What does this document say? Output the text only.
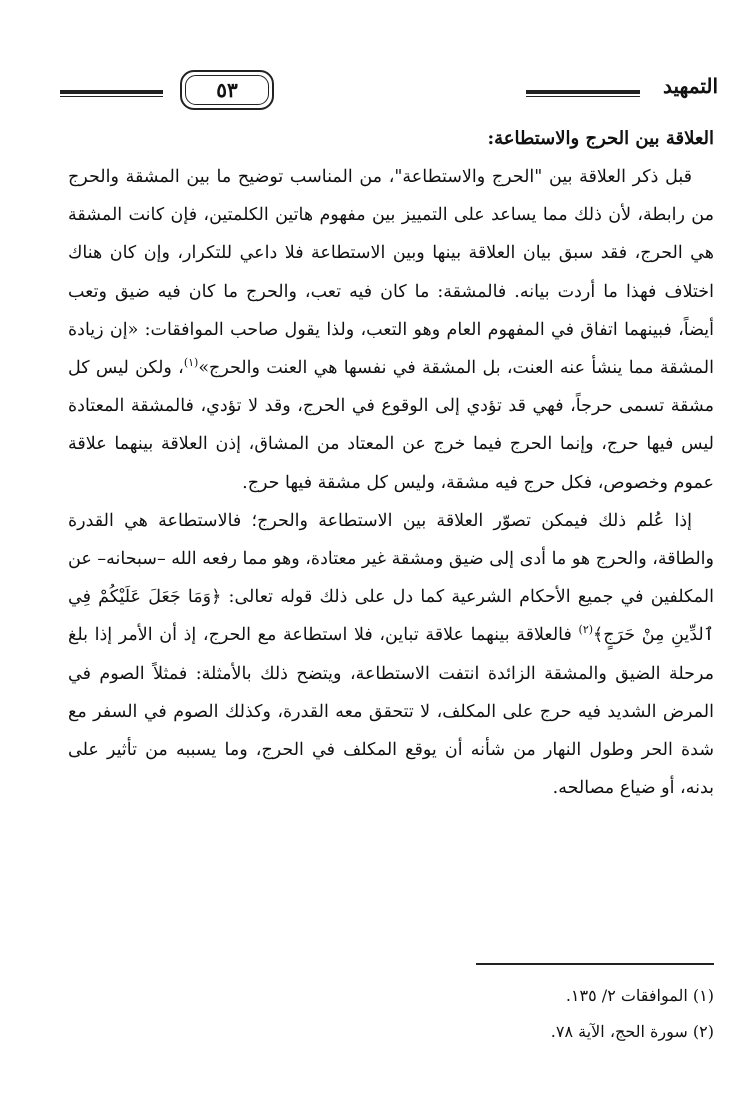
التمهيد
٥٣

العلاقة بين الحرج والاستطاعة:

قبل ذكر العلاقة بين "الحرج والاستطاعة"، من المناسب توضيح ما بين المشقة والحرج من رابطة، لأن ذلك مما يساعد على التمييز بين مفهوم هاتين الكلمتين، فإن كانت المشقة هي الحرج، فقد سبق بيان العلاقة بينها وبين الاستطاعة فلا داعي للتكرار، وإن كان هناك اختلاف فهذا ما أردت بيانه. فالمشقة: ما كان فيه تعب، والحرج ما كان فيه ضيق وتعب أيضاً، فبينهما اتفاق في المفهوم العام وهو التعب، ولذا يقول صاحب الموافقات: «إن زيادة المشقة مما ينشأ عنه العنت، بل المشقة في نفسها هي العنت والحرج»$^{(١)}$، ولكن ليس كل مشقة تسمى حرجاً، فهي قد تؤدي إلى الوقوع في الحرج، وقد لا تؤدي، فالمشقة المعتادة ليس فيها حرج، وإنما الحرج فيما خرج عن المعتاد من المشاق، إذن العلاقة بينهما علاقة عموم وخصوص، فكل حرج فيه مشقة، وليس كل مشقة فيها حرج.

إذا عُلم ذلك فيمكن تصوّر العلاقة بين الاستطاعة والحرج؛ فالاستطاعة هي القدرة والطاقة، والحرج هو ما أدى إلى ضيق ومشقة غير معتادة، وهو مما رفعه الله –سبحانه– عن المكلفين في جميع الأحكام الشرعية كما دل على ذلك قوله تعالى: ﴿وَمَا جَعَلَ عَلَيْكُمْ فِي ٱلدِّينِ مِنْ حَرَجٍ﴾$^{(٢)}$ فالعلاقة بينهما علاقة تباين، فلا استطاعة مع الحرج، إذ أن الأمر إذا بلغ مرحلة الضيق والمشقة الزائدة انتفت الاستطاعة، ويتضح ذلك بالأمثلة: فمثلاً الصوم في المرض الشديد فيه حرج على المكلف، لا تتحقق معه القدرة، وكذلك الصوم في السفر مع شدة الحر وطول النهار من شأنه أن يوقع المكلف في الحرج، وما يسببه من تأثير على بدنه، أو ضياع مصالحه.

(١) الموافقات ٢/ ١٣٥.

(٢) سورة الحج، الآية ٧٨.
